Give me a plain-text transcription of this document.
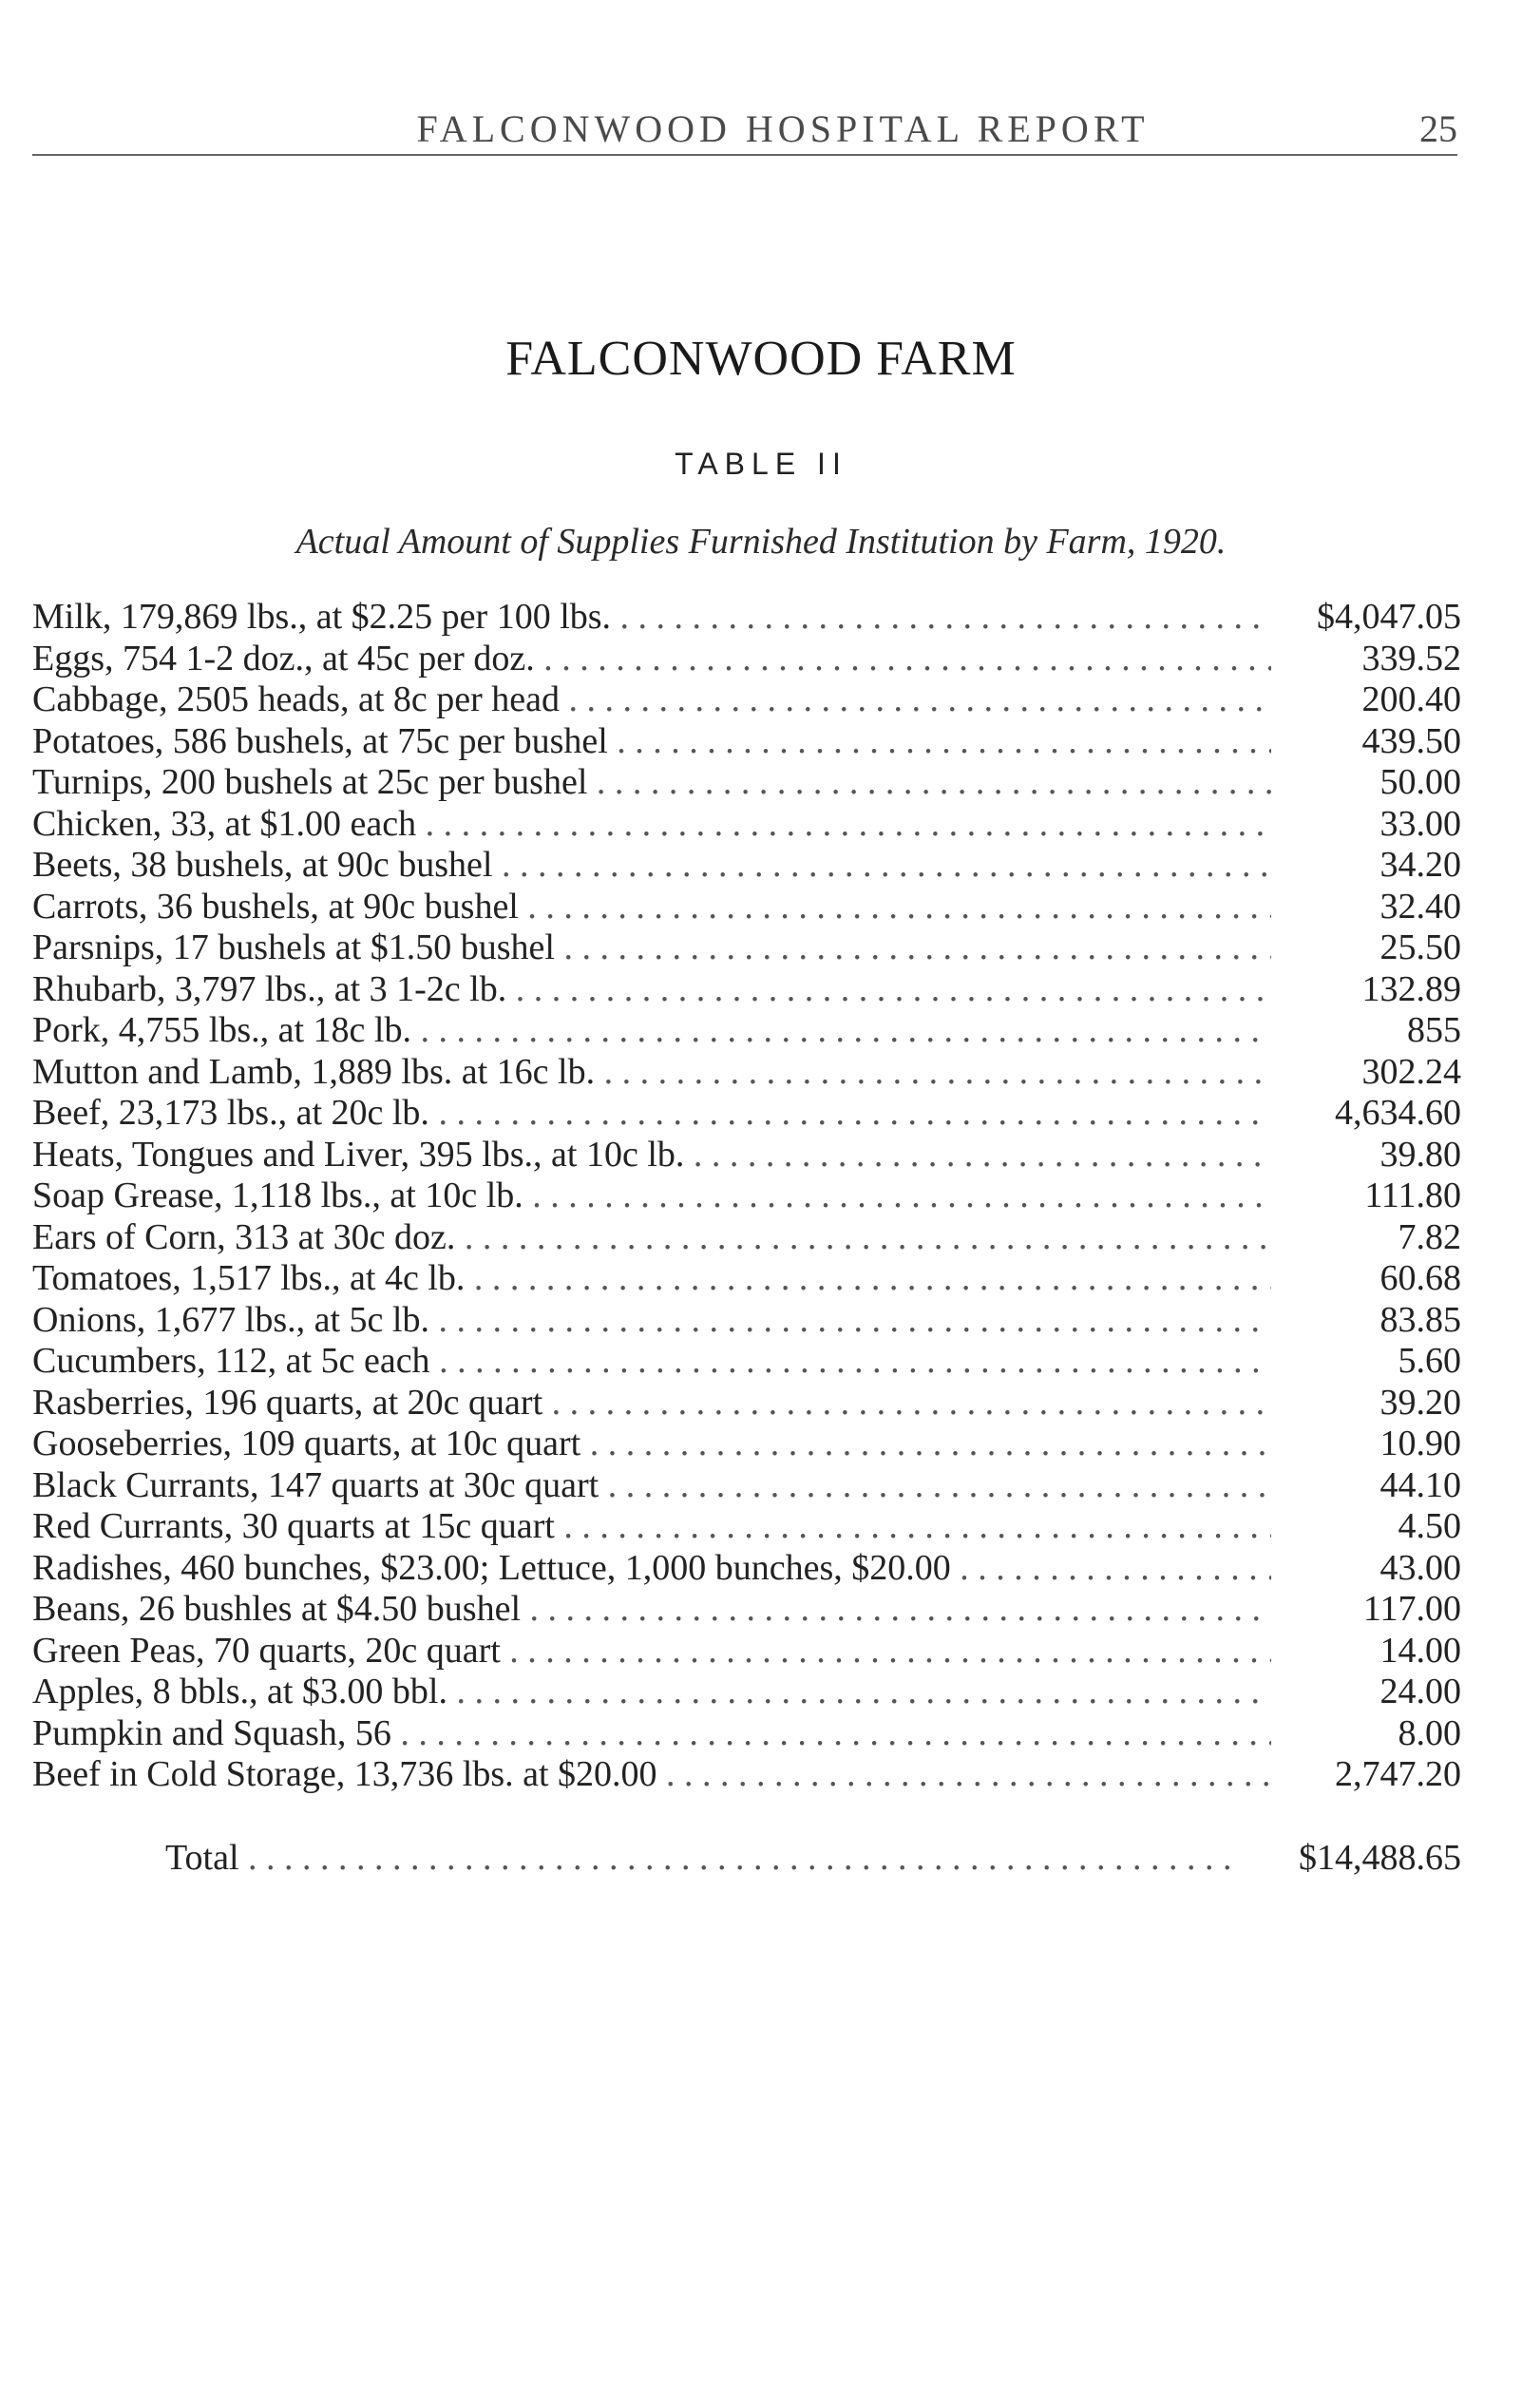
FALCONWOOD HOSPITAL REPORT	25
FALCONWOOD FARM
TABLE II
Actual Amount of Supplies Furnished Institution by Farm, 1920.
Milk, 179,869 lbs., at $2.25 per 100 lbs. . . .	$4,047.05
Eggs, 754 1-2 doz., at 45c per doz. . . .	339.52
Cabbage, 2505 heads, at 8c per head . . .	200.40
Potatoes, 586 bushels, at 75c per bushel . . .	439.50
Turnips, 200 bushels at 25c per bushel . . .	50.00
Chicken, 33, at $1.00 each . . .	33.00
Beets, 38 bushels, at 90c bushel . . .	34.20
Carrots, 36 bushels, at 90c bushel . . .	32.40
Parsnips, 17 bushels at $1.50 bushel . . .	25.50
Rhubarb, 3,797 lbs., at 3 1-2c lb. . . .	132.89
Pork, 4,755 lbs., at 18c lb. . . .	855
Mutton and Lamb, 1,889 lbs. at 16c lb. . . .	302.24
Beef, 23,173 lbs., at 20c lb. . . .	4,634.60
Heats, Tongues and Liver, 395 lbs., at 10c lb. . . .	39.80
Soap Grease, 1,118 lbs., at 10c lb. . . .	111.80
Ears of Corn, 313 at 30c doz. . . .	7.82
Tomatoes, 1,517 lbs., at 4c lb. . . .	60.68
Onions, 1,677 lbs., at 5c lb. . . .	83.85
Cucumbers, 112, at 5c each . . .	5.60
Rasberries, 196 quarts, at 20c quart . . .	39.20
Gooseberries, 109 quarts, at 10c quart . . .	10.90
Black Currants, 147 quarts at 30c quart . . .	44.10
Red Currants, 30 quarts at 15c quart . . .	4.50
Radishes, 460 bunches, $23.00; Lettuce, 1,000 bunches, $20.00 . . .	43.00
Beans, 26 bushles at $4.50 bushel . . .	117.00
Green Peas, 70 quarts, 20c quart . . .	14.00
Apples, 8 bbls., at $3.00 bbl. . . .	24.00
Pumpkin and Squash, 56 . . .	8.00
Beef in Cold Storage, 13,736 lbs. at $20.00 . . .	2,747.20
Total . . .	$14,488.65
